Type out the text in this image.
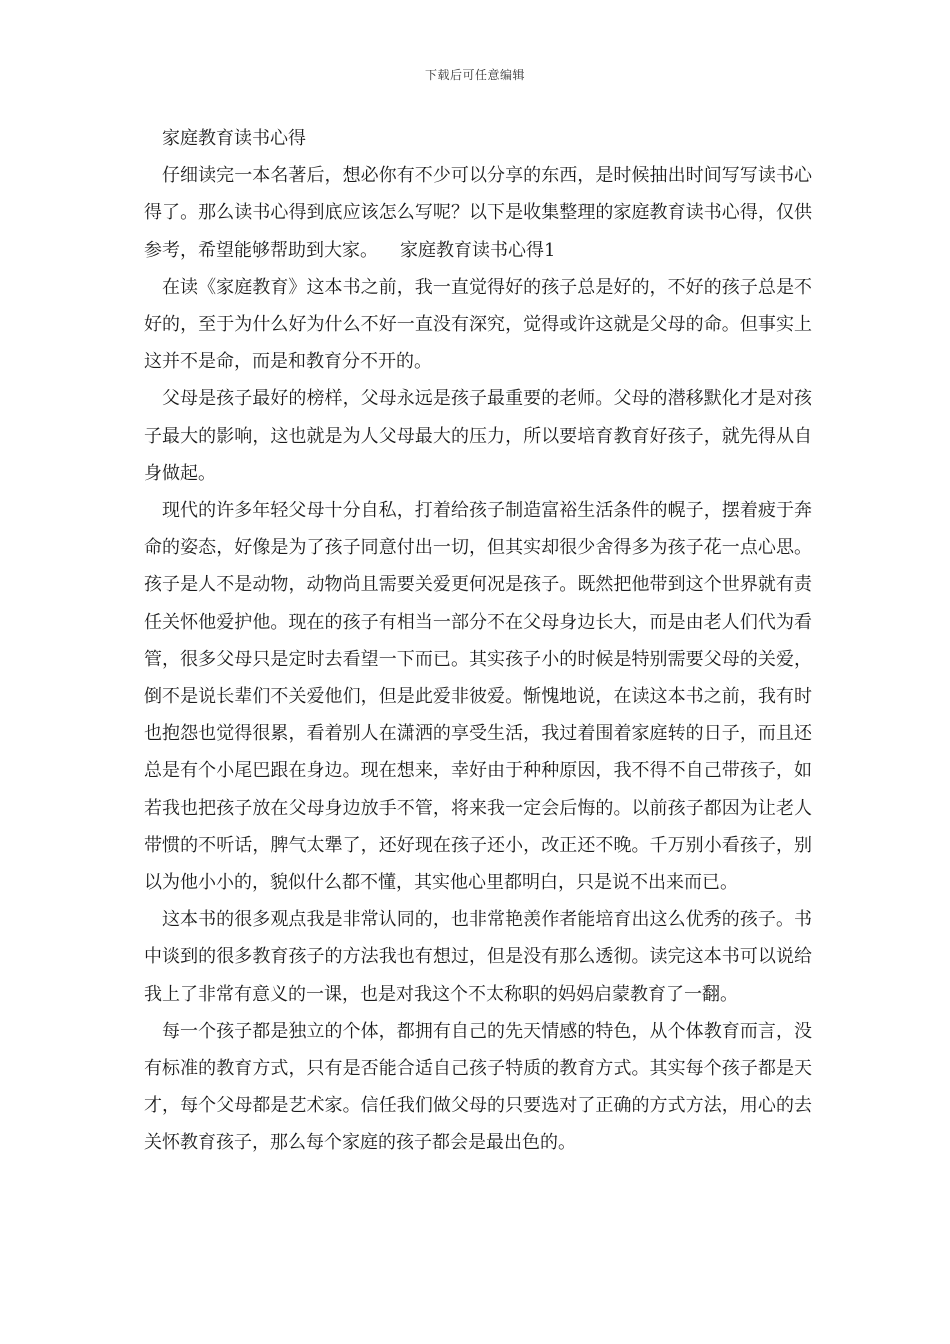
下载后可任意编辑

家庭教育读书心得

仔细读完一本名著后，想必你有不少可以分享的东西，是时候抽出时间写写读书心得了。那么读书心得到底应该怎么写呢？以下是收集整理的家庭教育读书心得，仅供参考，希望能够帮助到大家。 家庭教育读书心得1

在读《家庭教育》这本书之前，我一直觉得好的孩子总是好的，不好的孩子总是不好的，至于为什么好为什么不好一直没有深究，觉得或许这就是父母的命。但事实上这并不是命，而是和教育分不开的。

父母是孩子最好的榜样，父母永远是孩子最重要的老师。父母的潜移默化才是对孩子最大的影响，这也就是为人父母最大的压力，所以要培育教育好孩子，就先得从自身做起。

现代的许多年轻父母十分自私，打着给孩子制造富裕生活条件的幌子，摆着疲于奔命的姿态，好像是为了孩子同意付出一切，但其实却很少舍得多为孩子花一点心思。孩子是人不是动物，动物尚且需要关爱更何况是孩子。既然把他带到这个世界就有责任关怀他爱护他。现在的孩子有相当一部分不在父母身边长大，而是由老人们代为看管，很多父母只是定时去看望一下而已。其实孩子小的时候是特别需要父母的关爱，倒不是说长辈们不关爱他们，但是此爱非彼爱。惭愧地说，在读这本书之前，我有时也抱怨也觉得很累，看着别人在潇洒的享受生活，我过着围着家庭转的日子，而且还总是有个小尾巴跟在身边。现在想来，幸好由于种种原因，我不得不自己带孩子，如若我也把孩子放在父母身边放手不管，将来我一定会后悔的。以前孩子都因为让老人带惯的不听话，脾气太犟了，还好现在孩子还小，改正还不晚。千万别小看孩子，别以为他小小的，貌似什么都不懂，其实他心里都明白，只是说不出来而已。

这本书的很多观点我是非常认同的，也非常艳羡作者能培育出这么优秀的孩子。书中谈到的很多教育孩子的方法我也有想过，但是没有那么透彻。读完这本书可以说给我上了非常有意义的一课，也是对我这个不太称职的妈妈启蒙教育了一翻。

每一个孩子都是独立的个体，都拥有自己的先天情感的特色，从个体教育而言，没有标准的教育方式，只有是否能合适自己孩子特质的教育方式。其实每个孩子都是天才，每个父母都是艺术家。信任我们做父母的只要选对了正确的方式方法，用心的去关怀教育孩子，那么每个家庭的孩子都会是最出色的。
